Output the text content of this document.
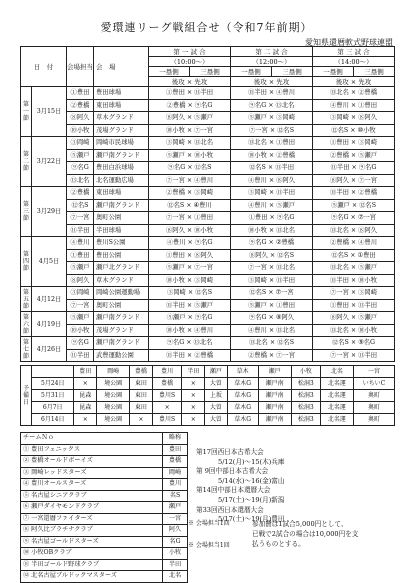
愛環連リーグ戦組合せ（令和7年前期）
愛知県還暦軟式野球連盟
日　付		会場担当	会　場	第 一 試 合		第 二 試 合		第 三 試 合	
				（10:00～）		（12:00～）		（14:00～）	
				一塁側	三塁側	一塁側	三塁側	一塁側	三塁側
				後攻 × 先攻		後攻 × 先攻		後攻 × 先攻	
第一節	3月15日	①豊田	豊田球場	①豊田 × ⑪半田		⑪半田 × ④豊川		⑬北名 × ②豊橋	
		②豊橋	東田球場	②豊橋 × ⑨名G		⑨名G × ⑬北名		④豊川 × ①豊田	
		⑧阿久	草木グランド	⑧阿久 × ⑤瀬戸		⑤瀬戸 × ③岡崎		③岡崎 × ⑧阿久	
		⑩小牧	茂場グランド	⑩小牧 × ⑦一宮		⑦一宮 × ⑫名S		⑫名S × ⑩小牧	
第二節	3月22日	③岡崎	岡崎市民球場	③岡崎 × ⑬北名		⑬北名 × ①豊田		①豊田 × ③岡崎	
		⑤瀬戸	瀬戸南グランド	⑤瀬戸 × ⑩小牧		⑩小牧 × ②豊橋		②豊橋 × ⑤瀬戸	
		⑨名G	豊田白浜球場	⑨名G × ⑫名S		⑫名S × ⑪半田		⑪半田 × ⑨名G	
		⑬北名	北名運動広場	⑦一宮 × ④豊川		④豊川 × ⑧阿久		⑧阿久 × ⑦一宮	
第三節	3月29日	②豊橋	東田球場	②豊橋 × ③岡崎		③岡崎 × ⑪半田		⑪半田 × ②豊橋	
		⑫名S	瀬戸南グランド	⑫名S × ④豊川		④豊川 × ⑤瀬戸		⑤瀬戸 × ⑫名S	
		⑦一宮	奥町公園	⑦一宮 × ①豊田		①豊田 × ⑨名G		⑨名G × ⑦一宮	
		⑪半田	半田球場	⑧阿久 × ⑩小牧		⑩小牧 × ⑬北名		⑬北名 × ⑧阿久	
第四節	4月5日	④豊川	豊川S公園	④豊川 × ⑨名G		⑨名G × ②豊橋		②豊橋 × ④豊川	
		①豊田	豊田公園	①豊田 × ⑧阿久		⑧阿久 × ⑫名S		⑫名S × ①豊田	
		⑤瀬戸	瀬戸北グランド	⑤瀬戸 × ⑦一宮		⑦一宮 × ⑬北名		⑬北名 × ⑤瀬戸	
		⑧阿久	草木グランド	⑩小牧 × ③岡崎		③岡崎 × ⑪半田		⑪半田 × ⑩小牧	
第五節	4月12日	③岡崎	岡崎公園運動場	③岡崎 × ⑫名S		⑫名S × ⑦一宮		⑦一宮 × ③岡崎	
		⑦一宮	奥町公園	⑪半田 × ⑤瀬戸		⑤瀬戸 × ①豊田		①豊田 × ⑪半田	
第六節	4月19日	⑤瀬戸	瀬戸南グランド	⑤瀬戸 × ⑨名G		⑨名G × ⑧阿久		⑧阿久 × ⑤瀬戸	
		⑩小牧	茂場グランド	⑩小牧 × ④豊川		④豊川 × ⑬北名		⑬北名 × ⑩小牧	
第七節	4月26日	⑨名G	瀬戸南グランド	⑨名G × ⑬北名		⑬北名 × ⑫名S		⑫名S × ⑨名G	
		⑪半田	武豊運動公園	⑪半田 × ②豊橋		②豊橋 × ⑦一宮		⑦一宮 × ⑪半田	
予備日		豊田	岡崎	豊橋	豊川	半田	瀬戸	草木	瀬戸	小牧	北名	一宮
	5月24日	×	境公園	東田	豊橋	×	大曽	草木G	瀬戸南	松洞3	北名運	いちいC
	5月31日	昆森	境公園	東田	豊川S	×	上坂	草木G	瀬戸南	松洞3	北名運	奥町
	6月7日	昆森	境公園	東田	×	×	大曽	草木G	瀬戸南	松洞3	北名運	奥町
	6月14日	×	境公園	×	豊川S	×	大曽	草木G	瀬戸南	松洞3	北名運	奥町
チームＮｏ	略称
① 豊田フェニックス	豊田
② 豊橋オールドボーイズ	豊橋
③ 岡崎レッドスターズ	岡崎
④ 豊川オールスターズ	豊川
⑤ 名古屋シニアクラブ	名S
⑥ 瀬戸ダイヤモンドクラブ	瀬戸
⑦ 一宮還暦ファイターズ	一宮
⑧ 阿久比ブラチナクラブ	阿久
⑨ 名古屋ゴールドスターズ	名G
⑩ 小牧OBクラブ	小牧
⑪ 半田ゴールド野球クラブ	半田
⑫ 北名古屋ブルドックマスターズ	北名
第17回西日本古希大会
5/12(月)～15(木)兵庫
第 9回中部日本古希大会
5/14(水)～16(金)富山
第14回中部日本還暦大会
5/17(土)～19(月)新潟
第33回西日本還暦大会
5/17(土)～19(月)豊田
※ 会場担当1回
※ 会場担当1回
参加費は1試合5,000円として、
已戦で2試合の場合は10,000円を支
払うものとする。
